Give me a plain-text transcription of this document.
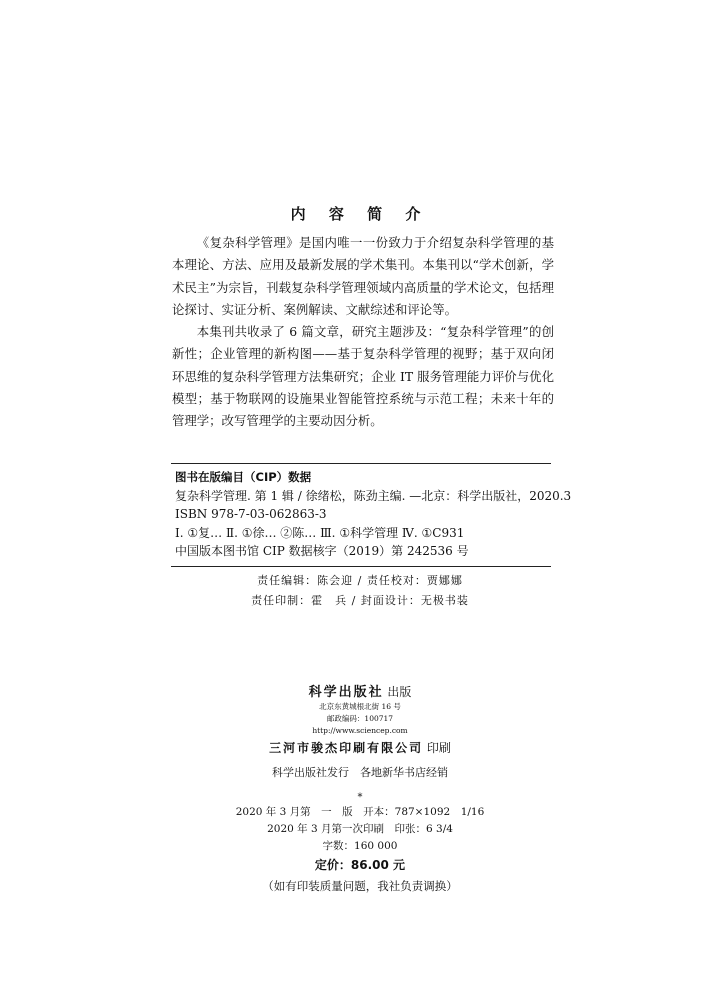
内 容 简 介

《复杂科学管理》是国内唯一一份致力于介绍复杂科学管理的基本理论、方法、应用及最新发展的学术集刊。本集刊以“学术创新，学术民主”为宗旨，刊载复杂科学管理领域内高质量的学术论文，包括理论探讨、实证分析、案例解读、文献综述和评论等。

本集刊共收录了 6 篇文章，研究主题涉及：“复杂科学管理”的创新性；企业管理的新构图——基于复杂科学管理的视野；基于双向闭环思维的复杂科学管理方法集研究；企业 IT 服务管理能力评价与优化模型；基于物联网的设施果业智能管控系统与示范工程；未来十年的管理学；改写管理学的主要动因分析。

图书在版编目（CIP）数据
复杂科学管理. 第 1 辑 / 徐绪松，陈劲主编. —北京：科学出版社，2020.3
ISBN 978-7-03-062863-3
Ⅰ. ①复… Ⅱ. ①徐… ②陈… Ⅲ. ①科学管理 Ⅳ. ①C931
中国版本图书馆 CIP 数据核字（2019）第 242536 号
责任编辑：陈会迎 / 责任校对：贾娜娜
责任印制：霍　兵 / 封面设计：无极书装
科学出版社 出版
北京东黄城根北街 16 号
邮政编码：100717
http://www.sciencep.com
三河市骏杰印刷有限公司 印刷
科学出版社发行　各地新华书店经销
*
2020 年 3 月第　一　版　开本：787×1092　1/16
2020 年 3 月第一次印刷　印张：6 3/4
字数：160 000
定价：86.00 元
（如有印装质量问题，我社负责调换）
